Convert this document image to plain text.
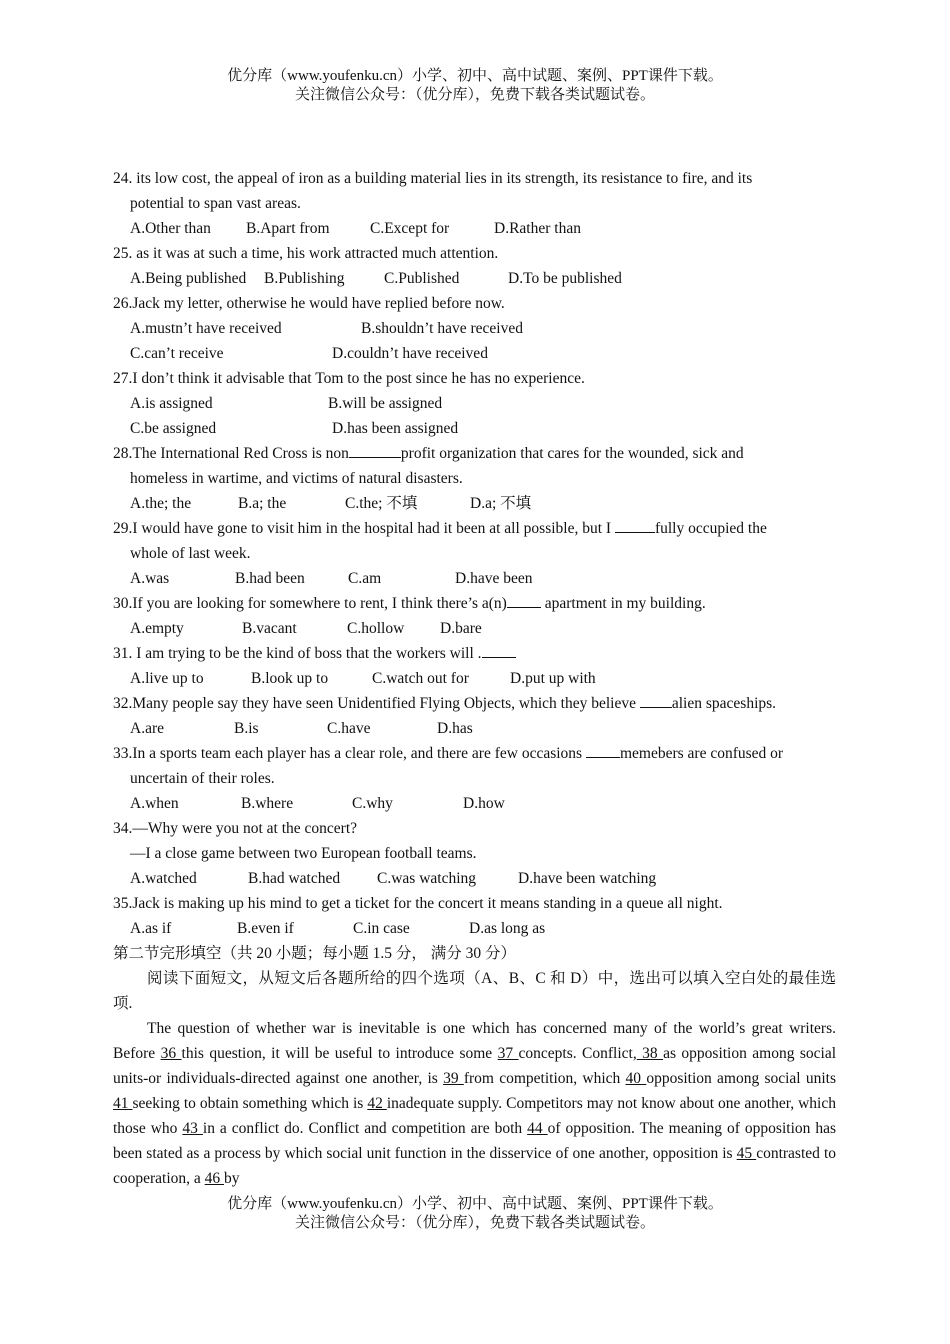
优分库（www.youfenku.cn）小学、初中、高中试题、案例、PPT课件下载。
关注微信公众号：（优分库），免费下载各类试题试卷。
24. its low cost, the appeal of iron as a building material lies in its strength, its resistance to fire, and its
potential to span vast areas.
A.Other than B.Apart from	C.Except for	D.Rather than
25. as it was at such a time, his work attracted much attention.
A.Being published B.Publishing	C.Published	D.To be published
26.Jack my letter, otherwise he would have replied before now.
A.mustn’t have received	B.shouldn’t have received
C.can’t receive	D.couldn’t have received
27.I don’t think it advisable that Tom to the post since he has no experience.
A.is assigned	B.will be assigned
C.be assigned	D.has been assigned
28.The International Red Cross is non	profit organization that cares for the wounded, sick and
homeless in wartime, and victims of natural disasters.
A.the; the	B.a; the	C.the; 不填	D.a; 不填
29.I would have gone to visit him in the hospital had it been at all possible, but I	fully occupied the
whole of last week.
A.was	B.had been	C.am	D.have been
30.If you are looking for somewhere to rent, I think there’s a(n) apartment in my building.
A.empty	B.vacant	C.hollow D.bare
31. I am trying to be the kind of boss that the workers will .
A.live up to	B.look up to	C.watch out for	D.put up with
32.Many people say they have seen Unidentified Flying Objects, which they believe alien spaceships.
A.are	B.is	C.have	D.has
33.In a sports team each player has a clear role, and there are few occasions memebers are confused or
uncertain of their roles.
A.when	B.where	C.why	D.how
34.—Why were you not at the concert?
—I a close game between two European football teams.
A.watched	B.had watched C.was watching	D.have been watching
35.Jack is making up his mind to get a ticket for the concert it means standing in a queue all night.
A.as if	B.even if	C.in case	D.as long as
第二节完形填空（共 20 小题；每小题 1.5 分， 满分 30 分）
阅读下面短文，从短文后各题所给的四个选项（A、B、C 和 D）中，选出可以填入空白处的最佳选项.
The question of whether war is inevitable is one which has concerned many of the world’s great writers. Before 36 this question, it will be useful to introduce some 37 concepts. Conflict, 38 as opposition among social units-or individuals-directed against one another, is 39 from competition, which 40 opposition among social units 41 seeking to obtain something which is 42 inadequate supply. Competitors may not know about one another, which those who 43 in a conflict do. Conflict and competition are both 44 of opposition. The meaning of opposition has been stated as a process by which social unit function in the disservice of one another, opposition is 45 contrasted to cooperation, a 46 by
优分库（www.youfenku.cn）小学、初中、高中试题、案例、PPT课件下载。
关注微信公众号：（优分库），免费下载各类试题试卷。
